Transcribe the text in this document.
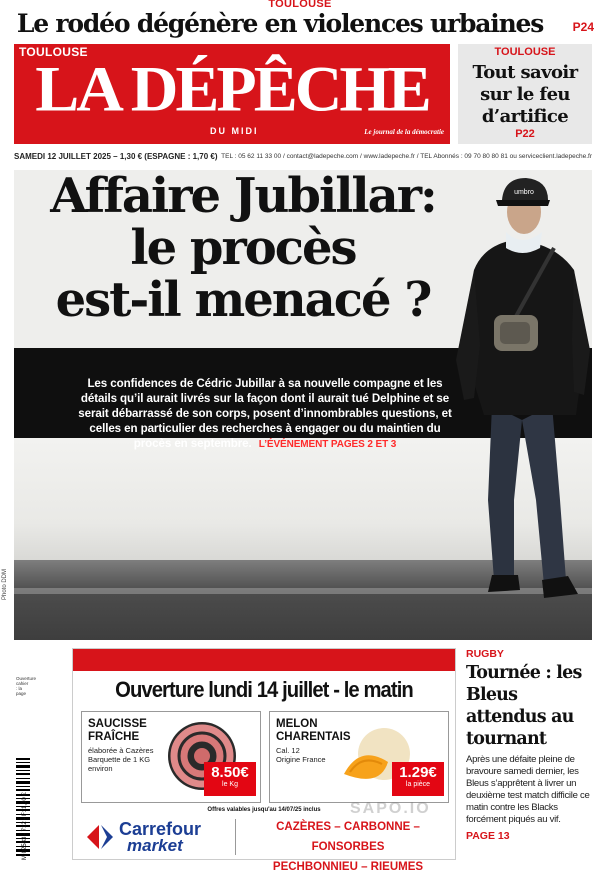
TOULOUSE
Le rodéo dégénère en violences urbaines	P24
TOULOUSE
LA DÉPÊCHE
DU MIDI	Le journal de la démocratie
TOULOUSE
Tout savoir sur le feu d’artifice
P22
SAMEDI 12 JUILLET 2025 – 1,30 € (ESPAGNE : 1,70 €) TEL : 05 62 11 33 00 / contact@ladepeche.com / www.ladepeche.fr / TEL Abonnés : 09 70 80 80 81 ou serviceclient.ladepeche.fr
umbro
Affaire Jubillar:
le procès
est-il menacé ?
Les confidences de Cédric Jubillar à sa nouvelle compagne et les détails qu’il aurait livrés sur la façon dont il aurait tué Delphine et se serait débarrassé de son corps, posent d’innombrables questions, et celles en particulier des recherches à engager ou du maintien du procès en septembre. L’ÉVÉNEMENT PAGES 2 ET 3
Photo DDM
Ouverture cahier : la page
M 02583 - 712 - F: 1,30 €
Ouverture lundi 14 juillet - le matin
SAUCISSE
FRAÎCHE
élaborée à Cazères
Barquette de 1 KG
environ	8.50€
le Kg
MELON
CHARENTAIS
Cal. 12
Origine France
1.29€
la pièce
Offres valables jusqu'au 14/07/25 inclus
Carrefour
market
CAZÈRES – CARBONNE – FONSORBES
PECHBONNIEU – RIEUMES
RUGBY
Tournée : les Bleus attendus au tournant
Après une défaite pleine de bravoure samedi dernier, les Bleus s’apprêtent à livrer un deuxième test match difficile ce matin contre les Blacks forcément piqués au vif.
PAGE 13
SAPO.IO
